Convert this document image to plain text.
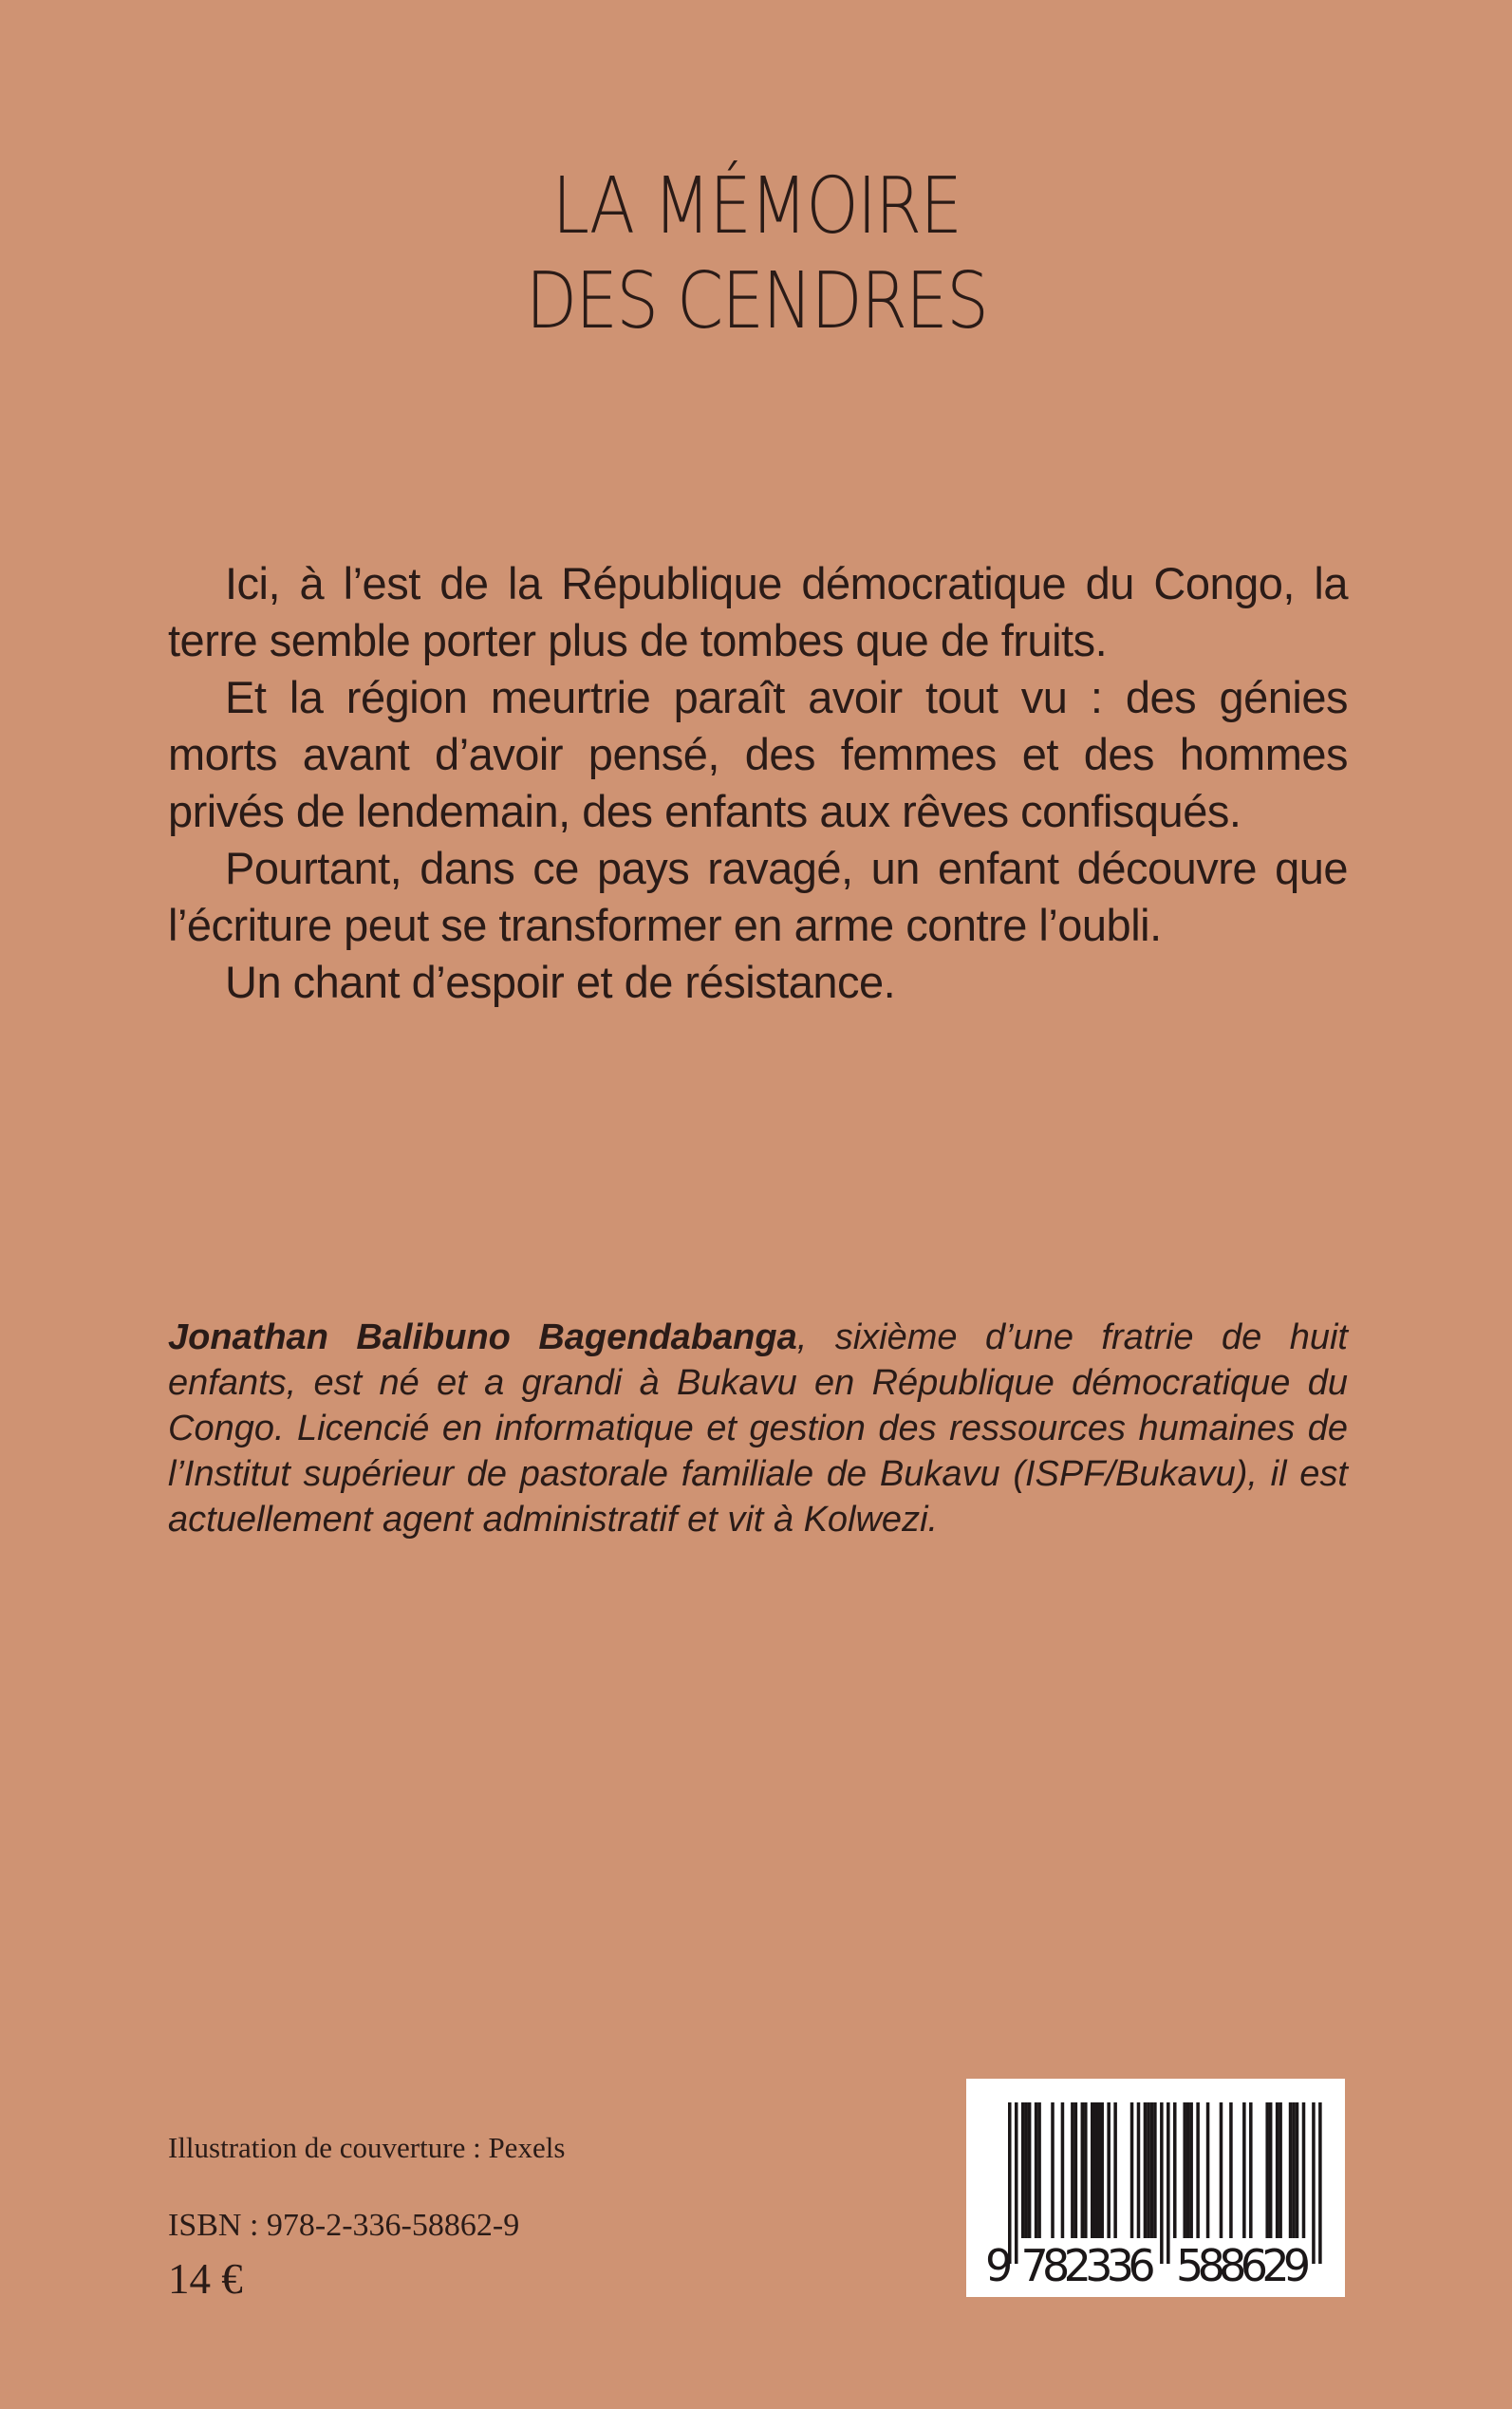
LA MÉMOIRE
DES CENDRES

Ici, à l’est de la République démocratique du Congo, la terre semble porter plus de tombes que de fruits.

Et la région meurtrie paraît avoir tout vu : des génies morts avant d’avoir pensé, des femmes et des hommes privés de lendemain, des enfants aux rêves confisqués.

Pourtant, dans ce pays ravagé, un enfant découvre que l’écriture peut se transformer en arme contre l’oubli.

Un chant d’espoir et de résistance.

Jonathan Balibuno Bagendabanga, sixième d’une fratrie de huit enfants, est né et a grandi à Bukavu en République démocratique du Congo. Licencié en informatique et gestion des ressources humaines de l’Institut supérieur de pastorale familiale de Bukavu (ISPF/Bukavu), il est actuellement agent administratif et vit à Kolwezi.
Illustration de couverture : Pexels
ISBN : 978-2-336-58862-9
14 €	9 782336 588629
